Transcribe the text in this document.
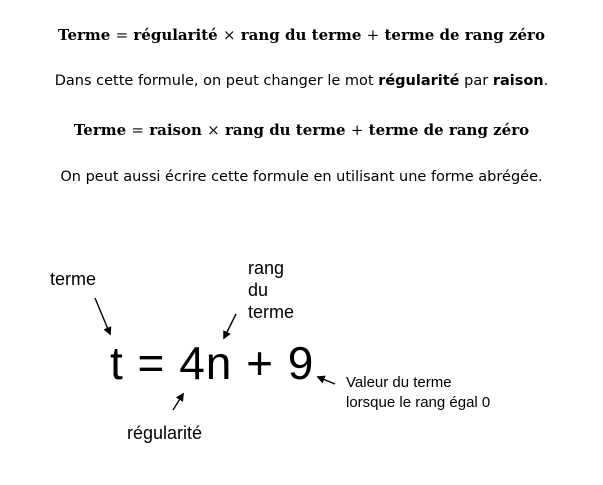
Terme = régularité × rang du terme + terme de rang zéro
Dans cette formule, on peut changer le mot régularité par raison.
Terme = raison × rang du terme + terme de rang zéro
On peut aussi écrire cette formule en utilisant une forme abrégée.
terme
rang
du
terme
t = 4n + 9 Valeur du terme
lorsque le rang égal 0
régularité
